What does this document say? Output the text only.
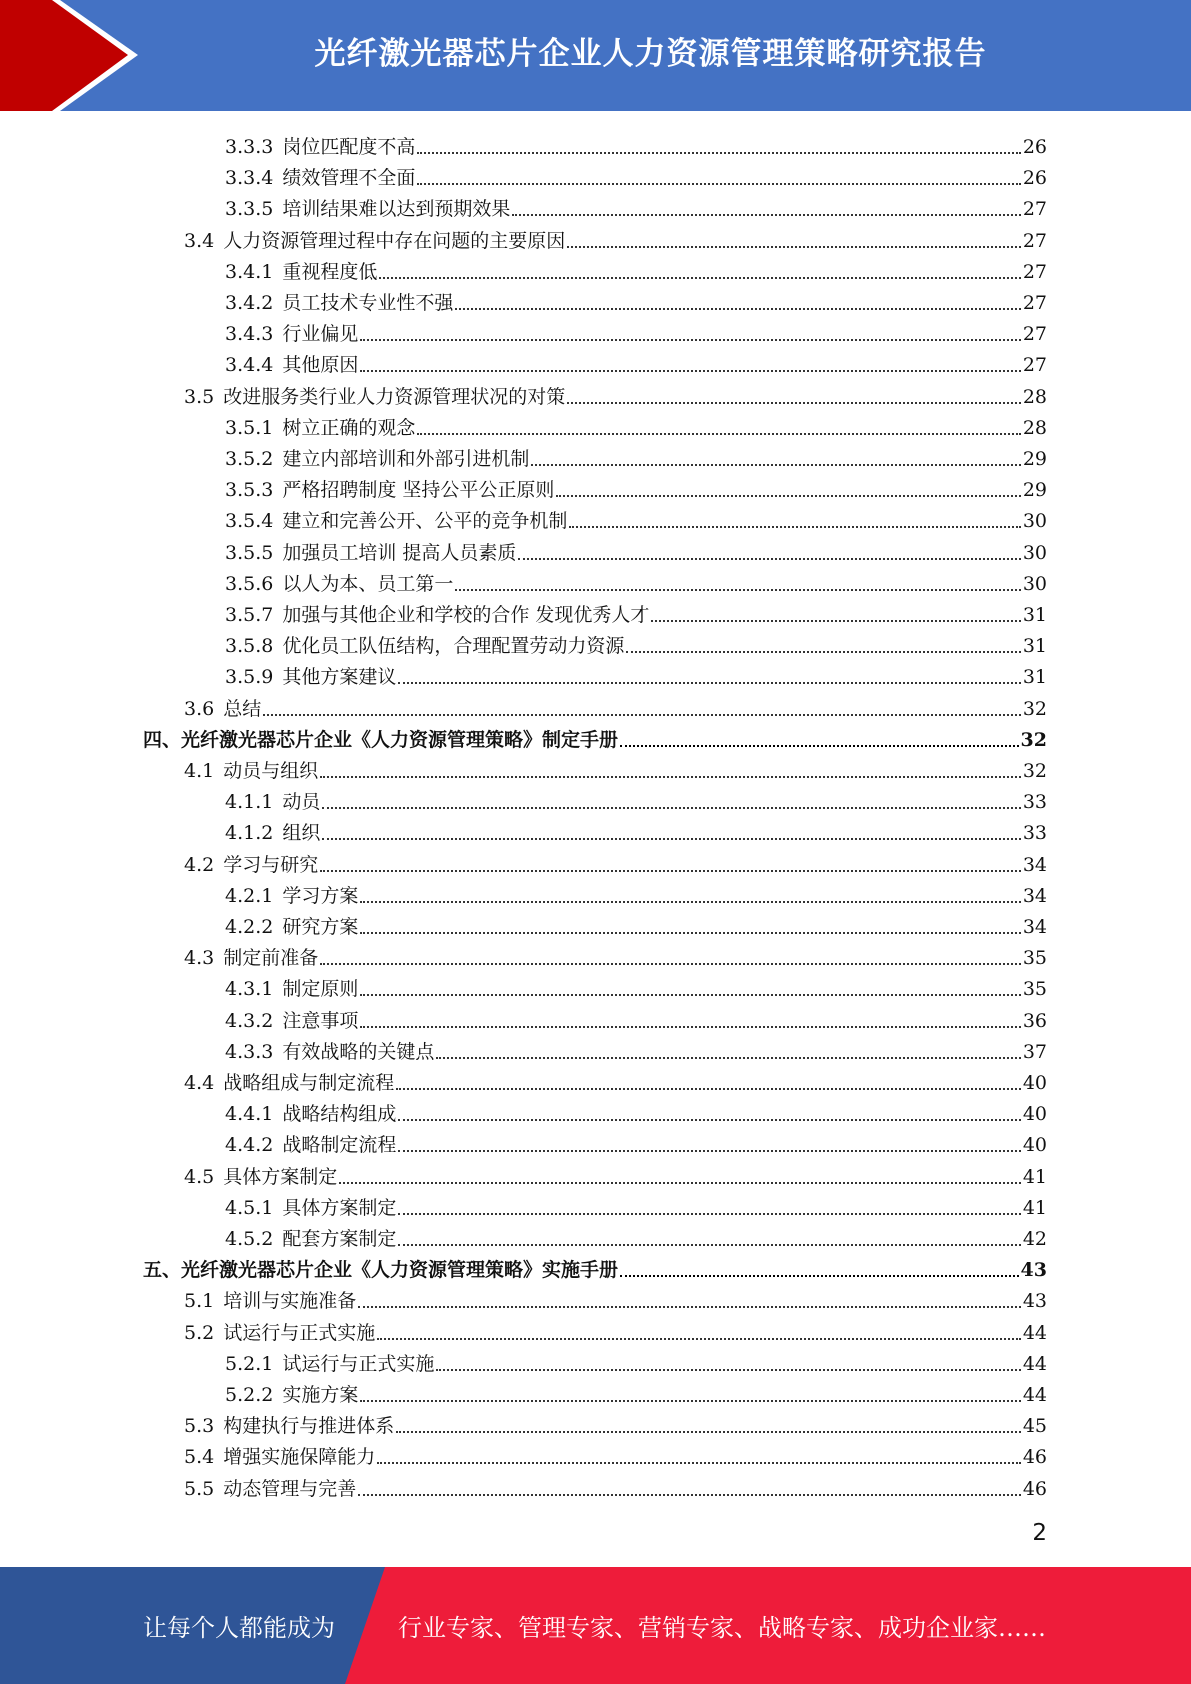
光纤激光器芯片企业人力资源管理策略研究报告
3.3.3 岗位匹配度不高	26
3.3.4 绩效管理不全面	26
3.3.5 培训结果难以达到预期效果	27
3.4 人力资源管理过程中存在问题的主要原因	27
3.4.1 重视程度低	27
3.4.2 员工技术专业性不强	27
3.4.3 行业偏见	27
3.4.4 其他原因	27
3.5 改进服务类行业人力资源管理状况的对策	28
3.5.1 树立正确的观念	28
3.5.2 建立内部培训和外部引进机制	29
3.5.3 严格招聘制度 坚持公平公正原则	29
3.5.4 建立和完善公开、公平的竞争机制	30
3.5.5 加强员工培训 提高人员素质	30
3.5.6 以人为本、员工第一	30
3.5.7 加强与其他企业和学校的合作 发现优秀人才	31
3.5.8 优化员工队伍结构，合理配置劳动力资源	31
3.5.9 其他方案建议	31
3.6 总结	32
四、 光纤激光器芯片企业《人力资源管理策略》制定手册	32
4.1 动员与组织	32
4.1.1 动员	33
4.1.2 组织	33
4.2 学习与研究	34
4.2.1 学习方案	34
4.2.2 研究方案	34
4.3 制定前准备	35
4.3.1 制定原则	35
4.3.2 注意事项	36
4.3.3 有效战略的关键点	37
4.4 战略组成与制定流程	40
4.4.1 战略结构组成	40
4.4.2 战略制定流程	40
4.5 具体方案制定	41
4.5.1 具体方案制定	41
4.5.2 配套方案制定	42
五、 光纤激光器芯片企业《人力资源管理策略》实施手册	43
5.1 培训与实施准备	43
5.2 试运行与正式实施	44
5.2.1 试运行与正式实施	44
5.2.2 实施方案	44
5.3 构建执行与推进体系	45
5.4 增强实施保障能力	46
5.5 动态管理与完善	46
2
让每个人都能成为	行业专家、管理专家、营销专家、战略专家、成功企业家……
